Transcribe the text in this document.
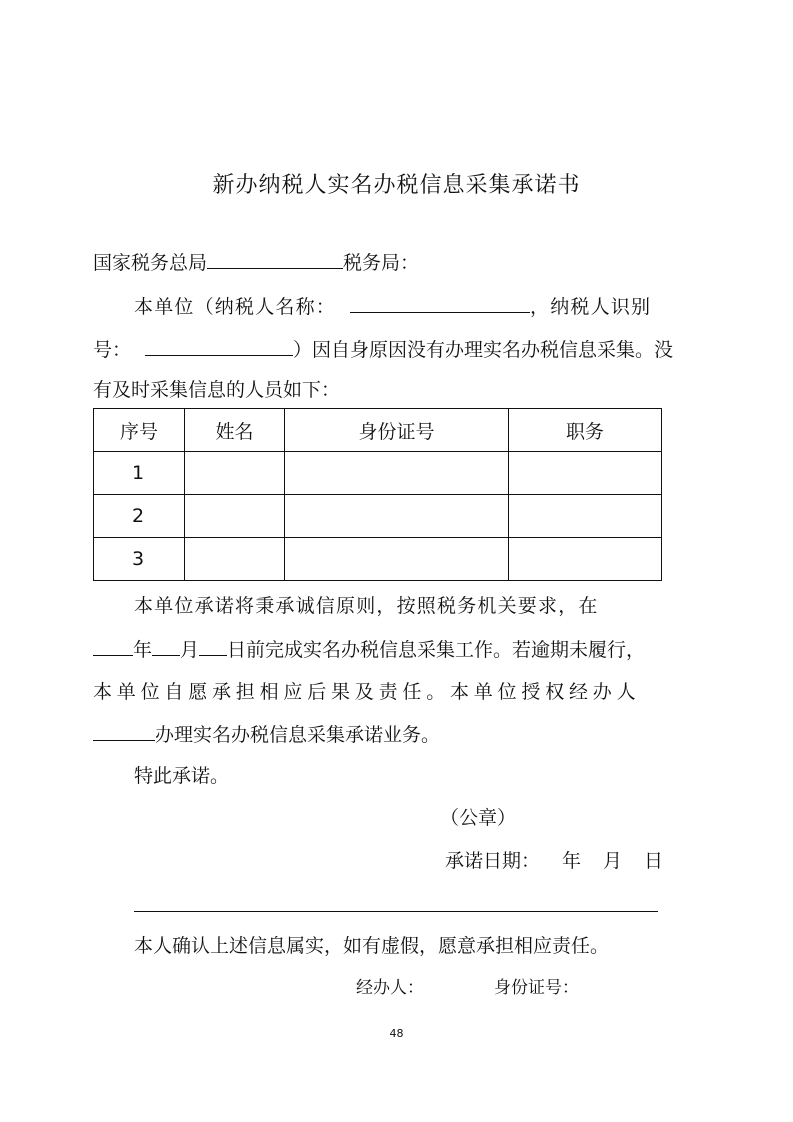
新办纳税人实名办税信息采集承诺书
国家税务总局	税务局：
本单位（纳税人名称：	，纳税人识别
号：	）因自身原因没有办理实名办税信息采集。没
有及时采集信息的人员如下：
序号	姓名	身份证号	职务
1			
2			
3			
本单位承诺将秉承诚信原则，按照税务机关要求，在
年 月 日前完成实名办税信息采集工作。若逾期未履行，
本单位自愿承担相应后果及责任。本单位授权经办人
办理实名办税信息采集承诺业务。
特此承诺。
（公章）
承诺日期： 年 月 日
本人确认上述信息属实，如有虚假，愿意承担相应责任。
经办人：	身份证号：
48
